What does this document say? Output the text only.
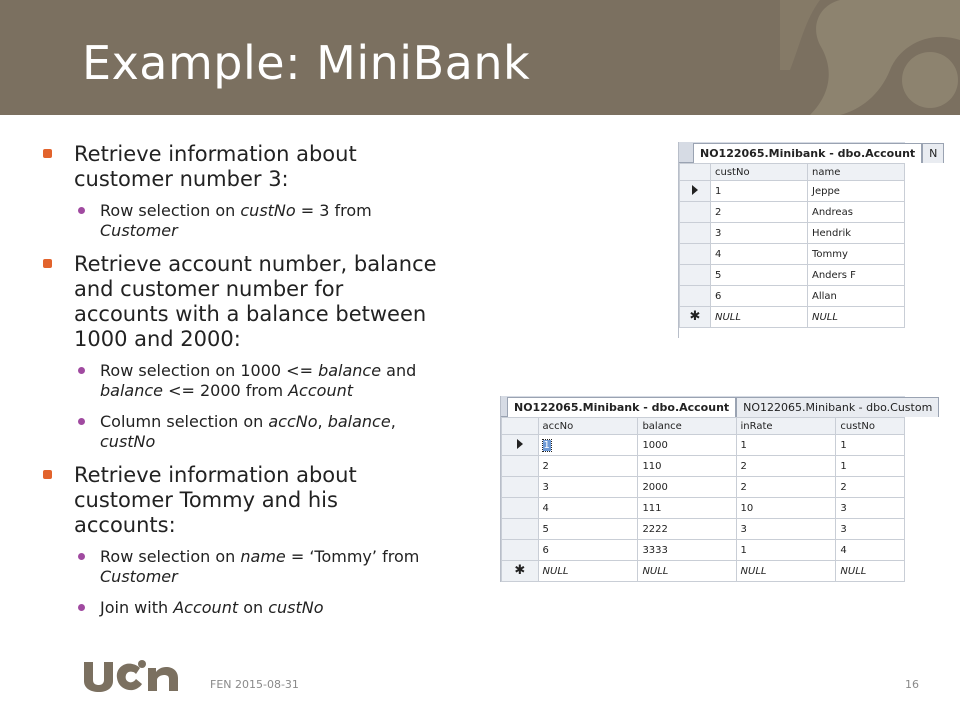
Example: MiniBank
Retrieve information about customer number 3:
Row selection on custNo = 3 from Customer
Retrieve account number, balance and customer number for accounts with a balance between 1000 and 2000:
Row selection on 1000 <= balance and balance <= 2000 from Account
Column selection on accNo, balance, custNo
Retrieve information about customer Tommy and his accounts:
Row selection on name = ‘Tommy’ from Customer
Join with Account on custNo
NO122065.Minibank - dbo.Account N
	custNo	name
	1	Jeppe
	2	Andreas
	3	Hendrik
	4	Tommy
	5	Anders F
	6	Allan
✱	NULL	NULL
NO122065.Minibank - dbo.Account NO122065.Minibank - dbo.Custom
	accNo	balance	inRate	custNo
	1	1000	1	1
	2	110	2	1
	3	2000	2	2
	4	111	10	3
	5	2222	3	3
	6	3333	1	4
✱	NULL	NULL	NULL	NULL
FEN 2015-08-31	16
